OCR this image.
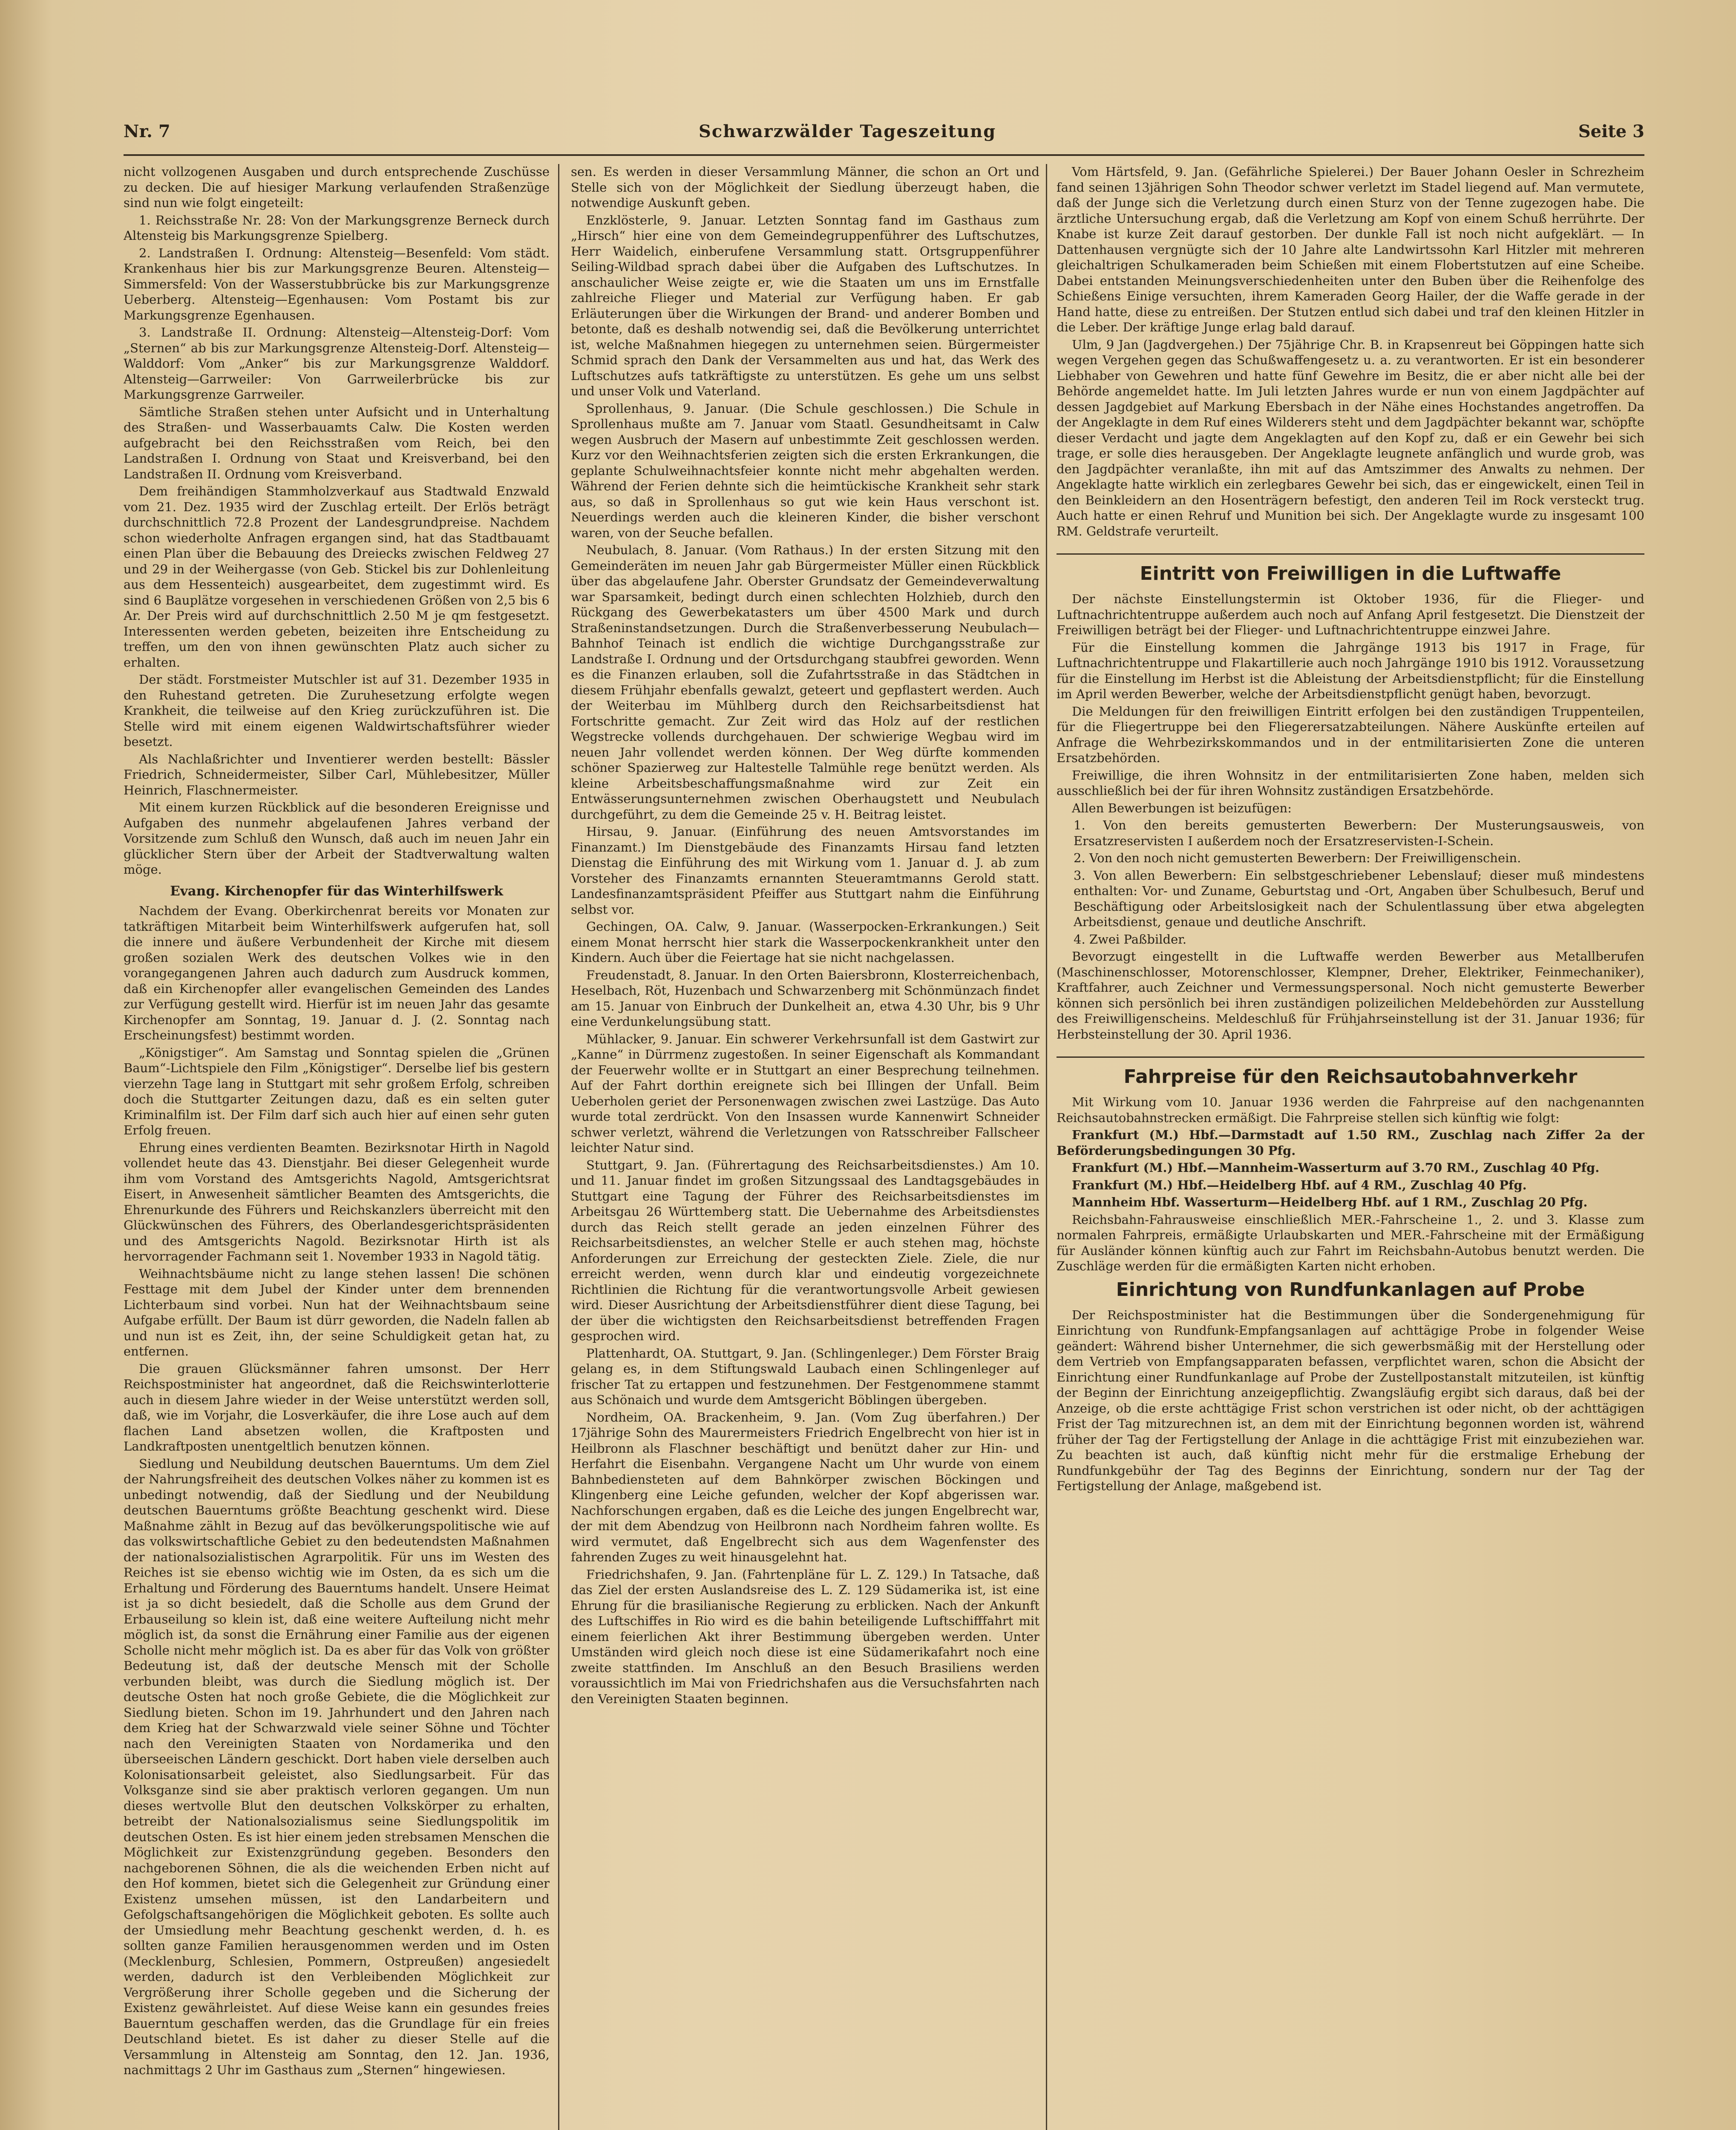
Nr. 7	Schwarzwälder Tageszeitung	Seite 3

nicht vollzogenen Ausgaben und durch entsprechende Zuschüsse zu decken. Die auf hiesiger Markung verlaufenden Straßenzüge sind nun wie folgt eingeteilt:

1. Reichsstraße Nr. 28: Von der Markungsgrenze Berneck durch Altensteig bis Markungsgrenze Spielberg.

2. Landstraßen I. Ordnung: Altensteig—Besenfeld: Vom städt. Krankenhaus hier bis zur Markungsgrenze Beuren. Altensteig—Simmersfeld: Von der Wasserstubbrücke bis zur Markungsgrenze Ueberberg. Altensteig—Egenhausen: Vom Postamt bis zur Markungsgrenze Egenhausen.

3. Landstraße II. Ordnung: Altensteig—Altensteig-Dorf: Vom „Sternen“ ab bis zur Markungsgrenze Altensteig-Dorf. Altensteig—Walddorf: Vom „Anker“ bis zur Markungsgrenze Walddorf. Altensteig—Garrweiler: Von Garrweilerbrücke bis zur Markungsgrenze Garrweiler.

Sämtliche Straßen stehen unter Aufsicht und in Unterhaltung des Straßen- und Wasserbauamts Calw. Die Kosten werden aufgebracht bei den Reichsstraßen vom Reich, bei den Landstraßen I. Ordnung von Staat und Kreisverband, bei den Landstraßen II. Ordnung vom Kreisverband.

Dem freihändigen Stammholzverkauf aus Stadtwald Enzwald vom 21. Dez. 1935 wird der Zuschlag erteilt. Der Erlös beträgt durchschnittlich 72.8 Prozent der Landesgrundpreise. Nachdem schon wiederholte Anfragen ergangen sind, hat das Stadtbauamt einen Plan über die Bebauung des Dreiecks zwischen Feldweg 27 und 29 in der Weihergasse (von Geb. Stickel bis zur Dohlenleitung aus dem Hessenteich) ausgearbeitet, dem zugestimmt wird. Es sind 6 Bauplätze vorgesehen in verschiedenen Größen von 2,5 bis 6 Ar. Der Preis wird auf durchschnittlich 2.50 M je qm festgesetzt. Interessenten werden gebeten, beizeiten ihre Entscheidung zu treffen, um den von ihnen gewünschten Platz auch sicher zu erhalten.

Der städt. Forstmeister Mutschler ist auf 31. Dezember 1935 in den Ruhestand getreten. Die Zuruhesetzung erfolgte wegen Krankheit, die teilweise auf den Krieg zurückzuführen ist. Die Stelle wird mit einem eigenen Waldwirtschaftsführer wieder besetzt.

Als Nachlaßrichter und Inventierer werden bestellt: Bässler Friedrich, Schneidermeister, Silber Carl, Mühlebesitzer, Müller Heinrich, Flaschnermeister.

Mit einem kurzen Rückblick auf die besonderen Ereignisse und Aufgaben des nunmehr abgelaufenen Jahres verband der Vorsitzende zum Schluß den Wunsch, daß auch im neuen Jahr ein glücklicher Stern über der Arbeit der Stadtverwaltung walten möge.

Evang. Kirchenopfer für das Winterhilfswerk

Nachdem der Evang. Oberkirchenrat bereits vor Monaten zur tatkräftigen Mitarbeit beim Winterhilfswerk aufgerufen hat, soll die innere und äußere Verbundenheit der Kirche mit diesem großen sozialen Werk des deutschen Volkes wie in den vorangegangenen Jahren auch dadurch zum Ausdruck kommen, daß ein Kirchenopfer aller evangelischen Gemeinden des Landes zur Verfügung gestellt wird. Hierfür ist im neuen Jahr das gesamte Kirchenopfer am Sonntag, 19. Januar d. J. (2. Sonntag nach Erscheinungsfest) bestimmt worden.

„Königstiger“. Am Samstag und Sonntag spielen die „Grünen Baum“-Lichtspiele den Film „Königstiger“. Derselbe lief bis gestern vierzehn Tage lang in Stuttgart mit sehr großem Erfolg, schreiben doch die Stuttgarter Zeitungen dazu, daß es ein selten guter Kriminalfilm ist. Der Film darf sich auch hier auf einen sehr guten Erfolg freuen.

Ehrung eines verdienten Beamten. Bezirksnotar Hirth in Nagold vollendet heute das 43. Dienstjahr. Bei dieser Gelegenheit wurde ihm vom Vorstand des Amtsgerichts Nagold, Amtsgerichtsrat Eisert, in Anwesenheit sämtlicher Beamten des Amtsgerichts, die Ehrenurkunde des Führers und Reichskanzlers überreicht mit den Glückwünschen des Führers, des Oberlandesgerichtspräsidenten und des Amtsgerichts Nagold. Bezirksnotar Hirth ist als hervorragender Fachmann seit 1. November 1933 in Nagold tätig.

Weihnachtsbäume nicht zu lange stehen lassen! Die schönen Festtage mit dem Jubel der Kinder unter dem brennenden Lichterbaum sind vorbei. Nun hat der Weihnachtsbaum seine Aufgabe erfüllt. Der Baum ist dürr geworden, die Nadeln fallen ab und nun ist es Zeit, ihn, der seine Schuldigkeit getan hat, zu entfernen.

Die grauen Glücksmänner fahren umsonst. Der Herr Reichspostminister hat angeordnet, daß die Reichswinterlotterie auch in diesem Jahre wieder in der Weise unterstützt werden soll, daß, wie im Vorjahr, die Losverkäufer, die ihre Lose auch auf dem flachen Land absetzen wollen, die Kraftposten und Landkraftposten unentgeltlich benutzen können.

Siedlung und Neubildung deutschen Bauerntums. Um dem Ziel der Nahrungsfreiheit des deutschen Volkes näher zu kommen ist es unbedingt notwendig, daß der Siedlung und der Neubildung deutschen Bauerntums größte Beachtung geschenkt wird. Diese Maßnahme zählt in Bezug auf das bevölkerungspolitische wie auf das volkswirtschaftliche Gebiet zu den bedeutendsten Maßnahmen der nationalsozialistischen Agrarpolitik. Für uns im Westen des Reiches ist sie ebenso wichtig wie im Osten, da es sich um die Erhaltung und Förderung des Bauerntums handelt. Unsere Heimat ist ja so dicht besiedelt, daß die Scholle aus dem Grund der Erbauseilung so klein ist, daß eine weitere Aufteilung nicht mehr möglich ist, da sonst die Ernährung einer Familie aus der eigenen Scholle nicht mehr möglich ist. Da es aber für das Volk von größter Bedeutung ist, daß der deutsche Mensch mit der Scholle verbunden bleibt, was durch die Siedlung möglich ist. Der deutsche Osten hat noch große Gebiete, die die Möglichkeit zur Siedlung bieten. Schon im 19. Jahrhundert und den Jahren nach dem Krieg hat der Schwarzwald viele seiner Söhne und Töchter nach den Vereinigten Staaten von Nordamerika und den überseeischen Ländern geschickt. Dort haben viele derselben auch Kolonisationsarbeit geleistet, also Siedlungsarbeit. Für das Volksganze sind sie aber praktisch verloren gegangen. Um nun dieses wertvolle Blut den deutschen Volkskörper zu erhalten, betreibt der Nationalsozialismus seine Siedlungspolitik im deutschen Osten. Es ist hier einem jeden strebsamen Menschen die Möglichkeit zur Existenzgründung gegeben. Besonders den nachgeborenen Söhnen, die als die weichenden Erben nicht auf den Hof kommen, bietet sich die Gelegenheit zur Gründung einer Existenz umsehen müssen, ist den Landarbeitern und Gefolgschaftsangehörigen die Möglichkeit geboten. Es sollte auch der Umsiedlung mehr Beachtung geschenkt werden, d. h. es sollten ganze Familien herausgenommen werden und im Osten (Mecklenburg, Schlesien, Pommern, Ostpreußen) angesiedelt werden, dadurch ist den Verbleibenden Möglichkeit zur Vergrößerung ihrer Scholle gegeben und die Sicherung der Existenz gewährleistet. Auf diese Weise kann ein gesundes freies Bauerntum geschaffen werden, das die Grundlage für ein freies Deutschland bietet. Es ist daher zu dieser Stelle auf die Versammlung in Altensteig am Sonntag, den 12. Jan. 1936, nachmittags 2 Uhr im Gasthaus zum „Sternen“ hingewiesen.

sen. Es werden in dieser Versammlung Männer, die schon an Ort und Stelle sich von der Möglichkeit der Siedlung überzeugt haben, die notwendige Auskunft geben.

Enzklösterle, 9. Januar. Letzten Sonntag fand im Gasthaus zum „Hirsch“ hier eine von dem Gemeindegruppenführer des Luftschutzes, Herr Waidelich, einberufene Versammlung statt. Ortsgruppenführer Seiling-Wildbad sprach dabei über die Aufgaben des Luftschutzes. In anschaulicher Weise zeigte er, wie die Staaten um uns im Ernstfalle zahlreiche Flieger und Material zur Verfügung haben. Er gab Erläuterungen über die Wirkungen der Brand- und anderer Bomben und betonte, daß es deshalb notwendig sei, daß die Bevölkerung unterrichtet ist, welche Maßnahmen hiegegen zu unternehmen seien. Bürgermeister Schmid sprach den Dank der Versammelten aus und hat, das Werk des Luftschutzes aufs tatkräftigste zu unterstützen. Es gehe um uns selbst und unser Volk und Vaterland.

Sprollenhaus, 9. Januar. (Die Schule geschlossen.) Die Schule in Sprollenhaus mußte am 7. Januar vom Staatl. Gesundheitsamt in Calw wegen Ausbruch der Masern auf unbestimmte Zeit geschlossen werden. Kurz vor den Weihnachtsferien zeigten sich die ersten Erkrankungen, die geplante Schulweihnachtsfeier konnte nicht mehr abgehalten werden. Während der Ferien dehnte sich die heimtückische Krankheit sehr stark aus, so daß in Sprollenhaus so gut wie kein Haus verschont ist. Neuerdings werden auch die kleineren Kinder, die bisher verschont waren, von der Seuche befallen.

Neubulach, 8. Januar. (Vom Rathaus.) In der ersten Sitzung mit den Gemeinderäten im neuen Jahr gab Bürgermeister Müller einen Rückblick über das abgelaufene Jahr. Oberster Grundsatz der Gemeindeverwaltung war Sparsamkeit, bedingt durch einen schlechten Holzhieb, durch den Rückgang des Gewerbekatasters um über 4500 Mark und durch Straßeninstandsetzungen. Durch die Straßenverbesserung Neubulach—Bahnhof Teinach ist endlich die wichtige Durchgangsstraße zur Landstraße I. Ordnung und der Ortsdurchgang staubfrei geworden. Wenn es die Finanzen erlauben, soll die Zufahrtsstraße in das Städtchen in diesem Frühjahr ebenfalls gewalzt, geteert und gepflastert werden. Auch der Weiterbau im Mühlberg durch den Reichsarbeitsdienst hat Fortschritte gemacht. Zur Zeit wird das Holz auf der restlichen Wegstrecke vollends durchgehauen. Der schwierige Wegbau wird im neuen Jahr vollendet werden können. Der Weg dürfte kommenden schöner Spazierweg zur Haltestelle Talmühle rege benützt werden. Als kleine Arbeitsbeschaffungsmaßnahme wird zur Zeit ein Entwässerungsunternehmen zwischen Oberhaugstett und Neubulach durchgeführt, zu dem die Gemeinde 25 v. H. Beitrag leistet.

Hirsau, 9. Januar. (Einführung des neuen Amtsvorstandes im Finanzamt.) Im Dienstgebäude des Finanzamts Hirsau fand letzten Dienstag die Einführung des mit Wirkung vom 1. Januar d. J. ab zum Vorsteher des Finanzamts ernannten Steueramtmanns Gerold statt. Landesfinanzamtspräsident Pfeiffer aus Stuttgart nahm die Einführung selbst vor.

Gechingen, OA. Calw, 9. Januar. (Wasserpocken-Erkrankungen.) Seit einem Monat herrscht hier stark die Wasserpockenkrankheit unter den Kindern. Auch über die Feiertage hat sie nicht nachgelassen.

Freudenstadt, 8. Januar. In den Orten Baiersbronn, Klosterreichenbach, Heselbach, Röt, Huzenbach und Schwarzenberg mit Schönmünzach findet am 15. Januar von Einbruch der Dunkelheit an, etwa 4.30 Uhr, bis 9 Uhr eine Verdunkelungsübung statt.

Mühlacker, 9. Januar. Ein schwerer Verkehrsunfall ist dem Gastwirt zur „Kanne“ in Dürrmenz zugestoßen. In seiner Eigenschaft als Kommandant der Feuerwehr wollte er in Stuttgart an einer Besprechung teilnehmen. Auf der Fahrt dorthin ereignete sich bei Illingen der Unfall. Beim Ueberholen geriet der Personenwagen zwischen zwei Lastzüge. Das Auto wurde total zerdrückt. Von den Insassen wurde Kannenwirt Schneider schwer verletzt, während die Verletzungen von Ratsschreiber Fallscheer leichter Natur sind.

Stuttgart, 9. Jan. (Führertagung des Reichsarbeitsdienstes.) Am 10. und 11. Januar findet im großen Sitzungssaal des Landtagsgebäudes in Stuttgart eine Tagung der Führer des Reichsarbeitsdienstes im Arbeitsgau 26 Württemberg statt. Die Uebernahme des Arbeitsdienstes durch das Reich stellt gerade an jeden einzelnen Führer des Reichsarbeitsdienstes, an welcher Stelle er auch stehen mag, höchste Anforderungen zur Erreichung der gesteckten Ziele. Ziele, die nur erreicht werden, wenn durch klar und eindeutig vorgezeichnete Richtlinien die Richtung für die verantwortungsvolle Arbeit gewiesen wird. Dieser Ausrichtung der Arbeitsdienstführer dient diese Tagung, bei der über die wichtigsten den Reichsarbeitsdienst betreffenden Fragen gesprochen wird.

Plattenhardt, OA. Stuttgart, 9. Jan. (Schlingenleger.) Dem Förster Braig gelang es, in dem Stiftungswald Laubach einen Schlingenleger auf frischer Tat zu ertappen und festzunehmen. Der Festgenommene stammt aus Schönaich und wurde dem Amtsgericht Böblingen übergeben.

Nordheim, OA. Brackenheim, 9. Jan. (Vom Zug überfahren.) Der 17jährige Sohn des Maurermeisters Friedrich Engelbrecht von hier ist in Heilbronn als Flaschner beschäftigt und benützt daher zur Hin- und Herfahrt die Eisenbahn. Vergangene Nacht um Uhr wurde von einem Bahnbediensteten auf dem Bahnkörper zwischen Böckingen und Klingenberg eine Leiche gefunden, welcher der Kopf abgerissen war. Nachforschungen ergaben, daß es die Leiche des jungen Engelbrecht war, der mit dem Abendzug von Heilbronn nach Nordheim fahren wollte. Es wird vermutet, daß Engelbrecht sich aus dem Wagenfenster des fahrenden Zuges zu weit hinausgelehnt hat.

Friedrichshafen, 9. Jan. (Fahrtenpläne für L. Z. 129.) In Tatsache, daß das Ziel der ersten Auslandsreise des L. Z. 129 Südamerika ist, ist eine Ehrung für die brasilianische Regierung zu erblicken. Nach der Ankunft des Luftschiffes in Rio wird es die bahin beteiligende Luftschifffahrt mit einem feierlichen Akt ihrer Bestimmung übergeben werden. Unter Umständen wird gleich noch diese ist eine Südamerikafahrt noch eine zweite stattfinden. Im Anschluß an den Besuch Brasiliens werden voraussichtlich im Mai von Friedrichshafen aus die Versuchsfahrten nach den Vereinigten Staaten beginnen.

Vom Härtsfeld, 9. Jan. (Gefährliche Spielerei.) Der Bauer Johann Oesler in Schrezheim fand seinen 13jährigen Sohn Theodor schwer verletzt im Stadel liegend auf. Man vermutete, daß der Junge sich die Verletzung durch einen Sturz von der Tenne zugezogen habe. Die ärztliche Untersuchung ergab, daß die Verletzung am Kopf von einem Schuß herrührte. Der Knabe ist kurze Zeit darauf gestorben. Der dunkle Fall ist noch nicht aufgeklärt. — In Dattenhausen vergnügte sich der 10 Jahre alte Landwirtssohn Karl Hitzler mit mehreren gleichaltrigen Schulkameraden beim Schießen mit einem Flobertstutzen auf eine Scheibe. Dabei entstanden Meinungsverschiedenheiten unter den Buben über die Reihenfolge des Schießens Einige versuchten, ihrem Kameraden Georg Hailer, der die Waffe gerade in der Hand hatte, diese zu entreißen. Der Stutzen entlud sich dabei und traf den kleinen Hitzler in die Leber. Der kräftige Junge erlag bald darauf.

Ulm, 9 Jan (Jagdvergehen.) Der 75jährige Chr. B. in Krapsenreut bei Göppingen hatte sich wegen Vergehen gegen das Schußwaffengesetz u. a. zu verantworten. Er ist ein besonderer Liebhaber von Gewehren und hatte fünf Gewehre im Besitz, die er aber nicht alle bei der Behörde angemeldet hatte. Im Juli letzten Jahres wurde er nun von einem Jagdpächter auf dessen Jagdgebiet auf Markung Ebersbach in der Nähe eines Hochstandes angetroffen. Da der Angeklagte in dem Ruf eines Wilderers steht und dem Jagdpächter bekannt war, schöpfte dieser Verdacht und jagte dem Angeklagten auf den Kopf zu, daß er ein Gewehr bei sich trage, er solle dies herausgeben. Der Angeklagte leugnete anfänglich und wurde grob, was den Jagdpächter veranlaßte, ihn mit auf das Amtszimmer des Anwalts zu nehmen. Der Angeklagte hatte wirklich ein zerlegbares Gewehr bei sich, das er eingewickelt, einen Teil in den Beinkleidern an den Hosenträgern befestigt, den anderen Teil im Rock versteckt trug. Auch hatte er einen Rehruf und Munition bei sich. Der Angeklagte wurde zu insgesamt 100 RM. Geldstrafe verurteilt.

Eintritt von Freiwilligen in die Luftwaffe

Der nächste Einstellungstermin ist Oktober 1936, für die Flieger- und Luftnachrichtentruppe außerdem auch noch auf Anfang April festgesetzt. Die Dienstzeit der Freiwilligen beträgt bei der Flieger- und Luftnachrichtentruppe einzwei Jahre.

Für die Einstellung kommen die Jahrgänge 1913 bis 1917 in Frage, für Luftnachrichtentruppe und Flakartillerie auch noch Jahrgänge 1910 bis 1912. Voraussetzung für die Einstellung im Herbst ist die Ableistung der Arbeitsdienstpflicht; für die Einstellung im April werden Bewerber, welche der Arbeitsdienstpflicht genügt haben, bevorzugt.

Die Meldungen für den freiwilligen Eintritt erfolgen bei den zuständigen Truppenteilen, für die Fliegertruppe bei den Fliegerersatzabteilungen. Nähere Auskünfte erteilen auf Anfrage die Wehrbezirkskommandos und in der entmilitarisierten Zone die unteren Ersatzbehörden.

Freiwillige, die ihren Wohnsitz in der entmilitarisierten Zone haben, melden sich ausschließlich bei der für ihren Wohnsitz zuständigen Ersatzbehörde.

Allen Bewerbungen ist beizufügen:

1. Von den bereits gemusterten Bewerbern: Der Musterungsausweis, von Ersatzreservisten I außerdem noch der Ersatzreservisten-I-Schein.

2. Von den noch nicht gemusterten Bewerbern: Der Freiwilligenschein.

3. Von allen Bewerbern: Ein selbstgeschriebener Lebenslauf; dieser muß mindestens enthalten: Vor- und Zuname, Geburtstag und -Ort, Angaben über Schulbesuch, Beruf und Beschäftigung oder Arbeitslosigkeit nach der Schulentlassung über etwa abgelegten Arbeitsdienst, genaue und deutliche Anschrift.

4. Zwei Paßbilder.

Bevorzugt eingestellt in die Luftwaffe werden Bewerber aus Metallberufen (Maschinenschlosser, Motorenschlosser, Klempner, Dreher, Elektriker, Feinmechaniker), Kraftfahrer, auch Zeichner und Vermessungspersonal. Noch nicht gemusterte Bewerber können sich persönlich bei ihren zuständigen polizeilichen Meldebehörden zur Ausstellung des Freiwilligenscheins. Meldeschluß für Frühjahrseinstellung ist der 31. Januar 1936; für Herbsteinstellung der 30. April 1936.

Fahrpreise für den Reichsautobahnverkehr

Mit Wirkung vom 10. Januar 1936 werden die Fahrpreise auf den nachgenannten Reichsautobahnstrecken ermäßigt. Die Fahrpreise stellen sich künftig wie folgt:

Frankfurt (M.) Hbf.—Darmstadt auf 1.50 RM., Zuschlag nach Ziffer 2a der Beförderungsbedingungen 30 Pfg.

Frankfurt (M.) Hbf.—Mannheim-Wasserturm auf 3.70 RM., Zuschlag 40 Pfg.

Frankfurt (M.) Hbf.—Heidelberg Hbf. auf 4 RM., Zuschlag 40 Pfg.

Mannheim Hbf. Wasserturm—Heidelberg Hbf. auf 1 RM., Zuschlag 20 Pfg.

Reichsbahn-Fahrausweise einschließlich MER.-Fahrscheine 1., 2. und 3. Klasse zum normalen Fahrpreis, ermäßigte Urlaubskarten und MER.-Fahrscheine mit der Ermäßigung für Ausländer können künftig auch zur Fahrt im Reichsbahn-Autobus benutzt werden. Die Zuschläge werden für die ermäßigten Karten nicht erhoben.

Einrichtung von Rundfunkanlagen auf Probe

Der Reichspostminister hat die Bestimmungen über die Sondergenehmigung für Einrichtung von Rundfunk-Empfangsanlagen auf achttägige Probe in folgender Weise geändert: Während bisher Unternehmer, die sich gewerbsmäßig mit der Herstellung oder dem Vertrieb von Empfangsapparaten befassen, verpflichtet waren, schon die Absicht der Einrichtung einer Rundfunkanlage auf Probe der Zustellpostanstalt mitzuteilen, ist künftig der Beginn der Einrichtung anzeigepflichtig. Zwangsläufig ergibt sich daraus, daß bei der Anzeige, ob die erste achttägige Frist schon verstrichen ist oder nicht, ob der achttägigen Frist der Tag mitzurechnen ist, an dem mit der Einrichtung begonnen worden ist, während früher der Tag der Fertigstellung der Anlage in die achttägige Frist mit einzubeziehen war. Zu beachten ist auch, daß künftig nicht mehr für die erstmalige Erhebung der Rundfunkgebühr der Tag des Beginns der Einrichtung, sondern nur der Tag der Fertigstellung der Anlage, maßgebend ist.
